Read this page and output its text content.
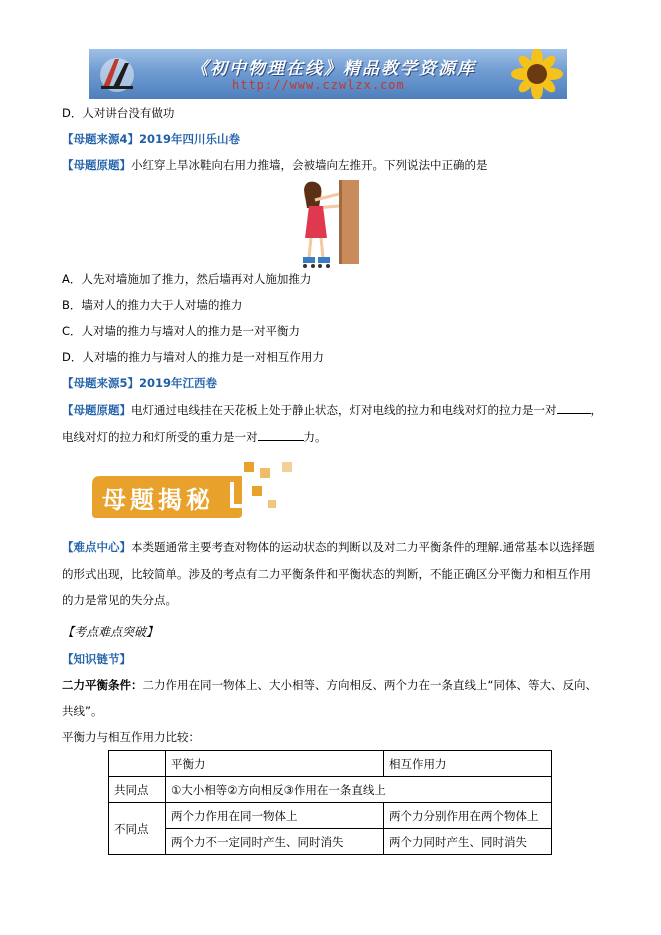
《初中物理在线》精品教学资源库
http://www.czwlzx.com
D．人对讲台没有做功
【母题来源4】2019年四川乐山卷
【母题原题】小红穿上旱冰鞋向右用力推墙，会被墙向左推开。下列说法中正确的是
A．人先对墙施加了推力，然后墙再对人施加推力
B．墙对人的推力大于人对墙的推力
C．人对墙的推力与墙对人的推力是一对平衡力
D．人对墙的推力与墙对人的推力是一对相互作用力
【母题来源5】2019年江西卷
【母题原题】电灯通过电线挂在天花板上处于静止状态，灯对电线的拉力和电线对灯的拉力是一对	，
电线对灯的拉力和灯所受的重力是一对	力。
母题揭秘
【难点中心】本类题通常主要考查对物体的运动状态的判断以及对二力平衡条件的理解.通常基本以选择题
的形式出现，比较简单。涉及的考点有二力平衡条件和平衡状态的判断，不能正确区分平衡力和相互作用
的力是常见的失分点。
【考点难点突破】
【知识链节】
二力平衡条件：二力作用在同一物体上、大小相等、方向相反、两个力在一条直线上“同体、等大、反向、
共线”。
平衡力与相互作用力比较：
	平衡力	相互作用力
共同点	①大小相等②方向相反③作用在一条直线上	
不同点	两个力作用在同一物体上	两个力分别作用在两个物体上
	两个力不一定同时产生、同时消失	两个力同时产生、同时消失
